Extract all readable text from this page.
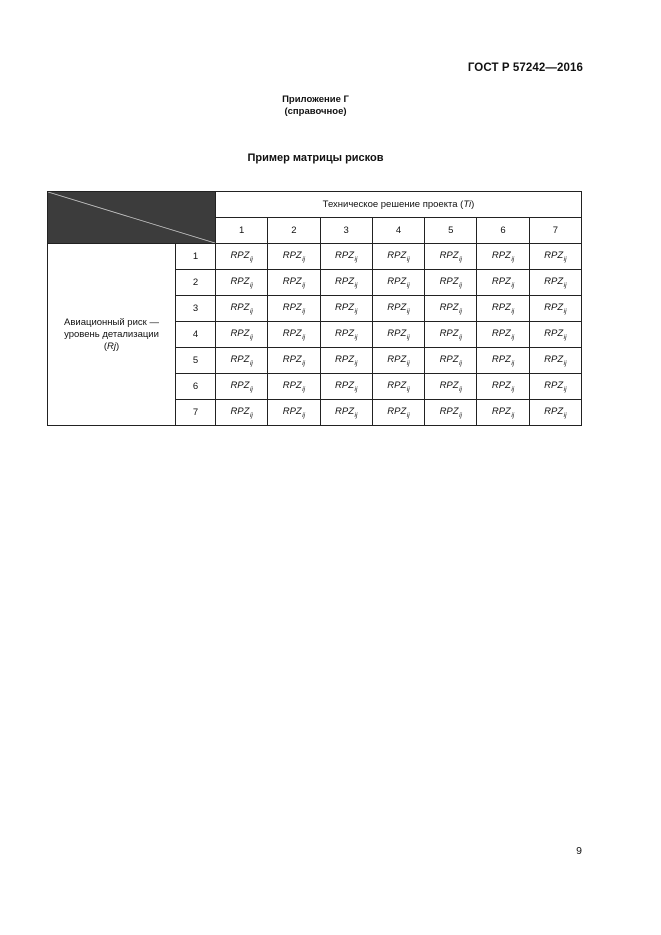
ГОСТ Р 57242—2016
Приложение Г
(справочное)
Пример матрицы рисков
	Техническое решение проекта (Ti)						
		1	2	3	4	5	6	7

Авиационный риск —
уровень детализации
(Rj)	1	$RPZ_{ij}$	$RPZ_{ij}$	$RPZ_{ij}$	$RPZ_{ij}$	$RPZ_{ij}$	$RPZ_{ij}$	$RPZ_{ij}$
	2	$RPZ_{ij}$	$RPZ_{ij}$	$RPZ_{ij}$	$RPZ_{ij}$	$RPZ_{ij}$	$RPZ_{ij}$	$RPZ_{ij}$
	3	$RPZ_{ij}$	$RPZ_{ij}$	$RPZ_{ij}$	$RPZ_{ij}$	$RPZ_{ij}$	$RPZ_{ij}$	$RPZ_{ij}$
	4	$RPZ_{ij}$	$RPZ_{ij}$	$RPZ_{ij}$	$RPZ_{ij}$	$RPZ_{ij}$	$RPZ_{ij}$	$RPZ_{ij}$
	5	$RPZ_{ij}$	$RPZ_{ij}$	$RPZ_{ij}$	$RPZ_{ij}$	$RPZ_{ij}$	$RPZ_{ij}$	$RPZ_{ij}$
	6	$RPZ_{ij}$	$RPZ_{ij}$	$RPZ_{ij}$	$RPZ_{ij}$	$RPZ_{ij}$	$RPZ_{ij}$	$RPZ_{ij}$
	7	$RPZ_{ij}$	$RPZ_{ij}$	$RPZ_{ij}$	$RPZ_{ij}$	$RPZ_{ij}$	$RPZ_{ij}$	$RPZ_{ij}$
9
